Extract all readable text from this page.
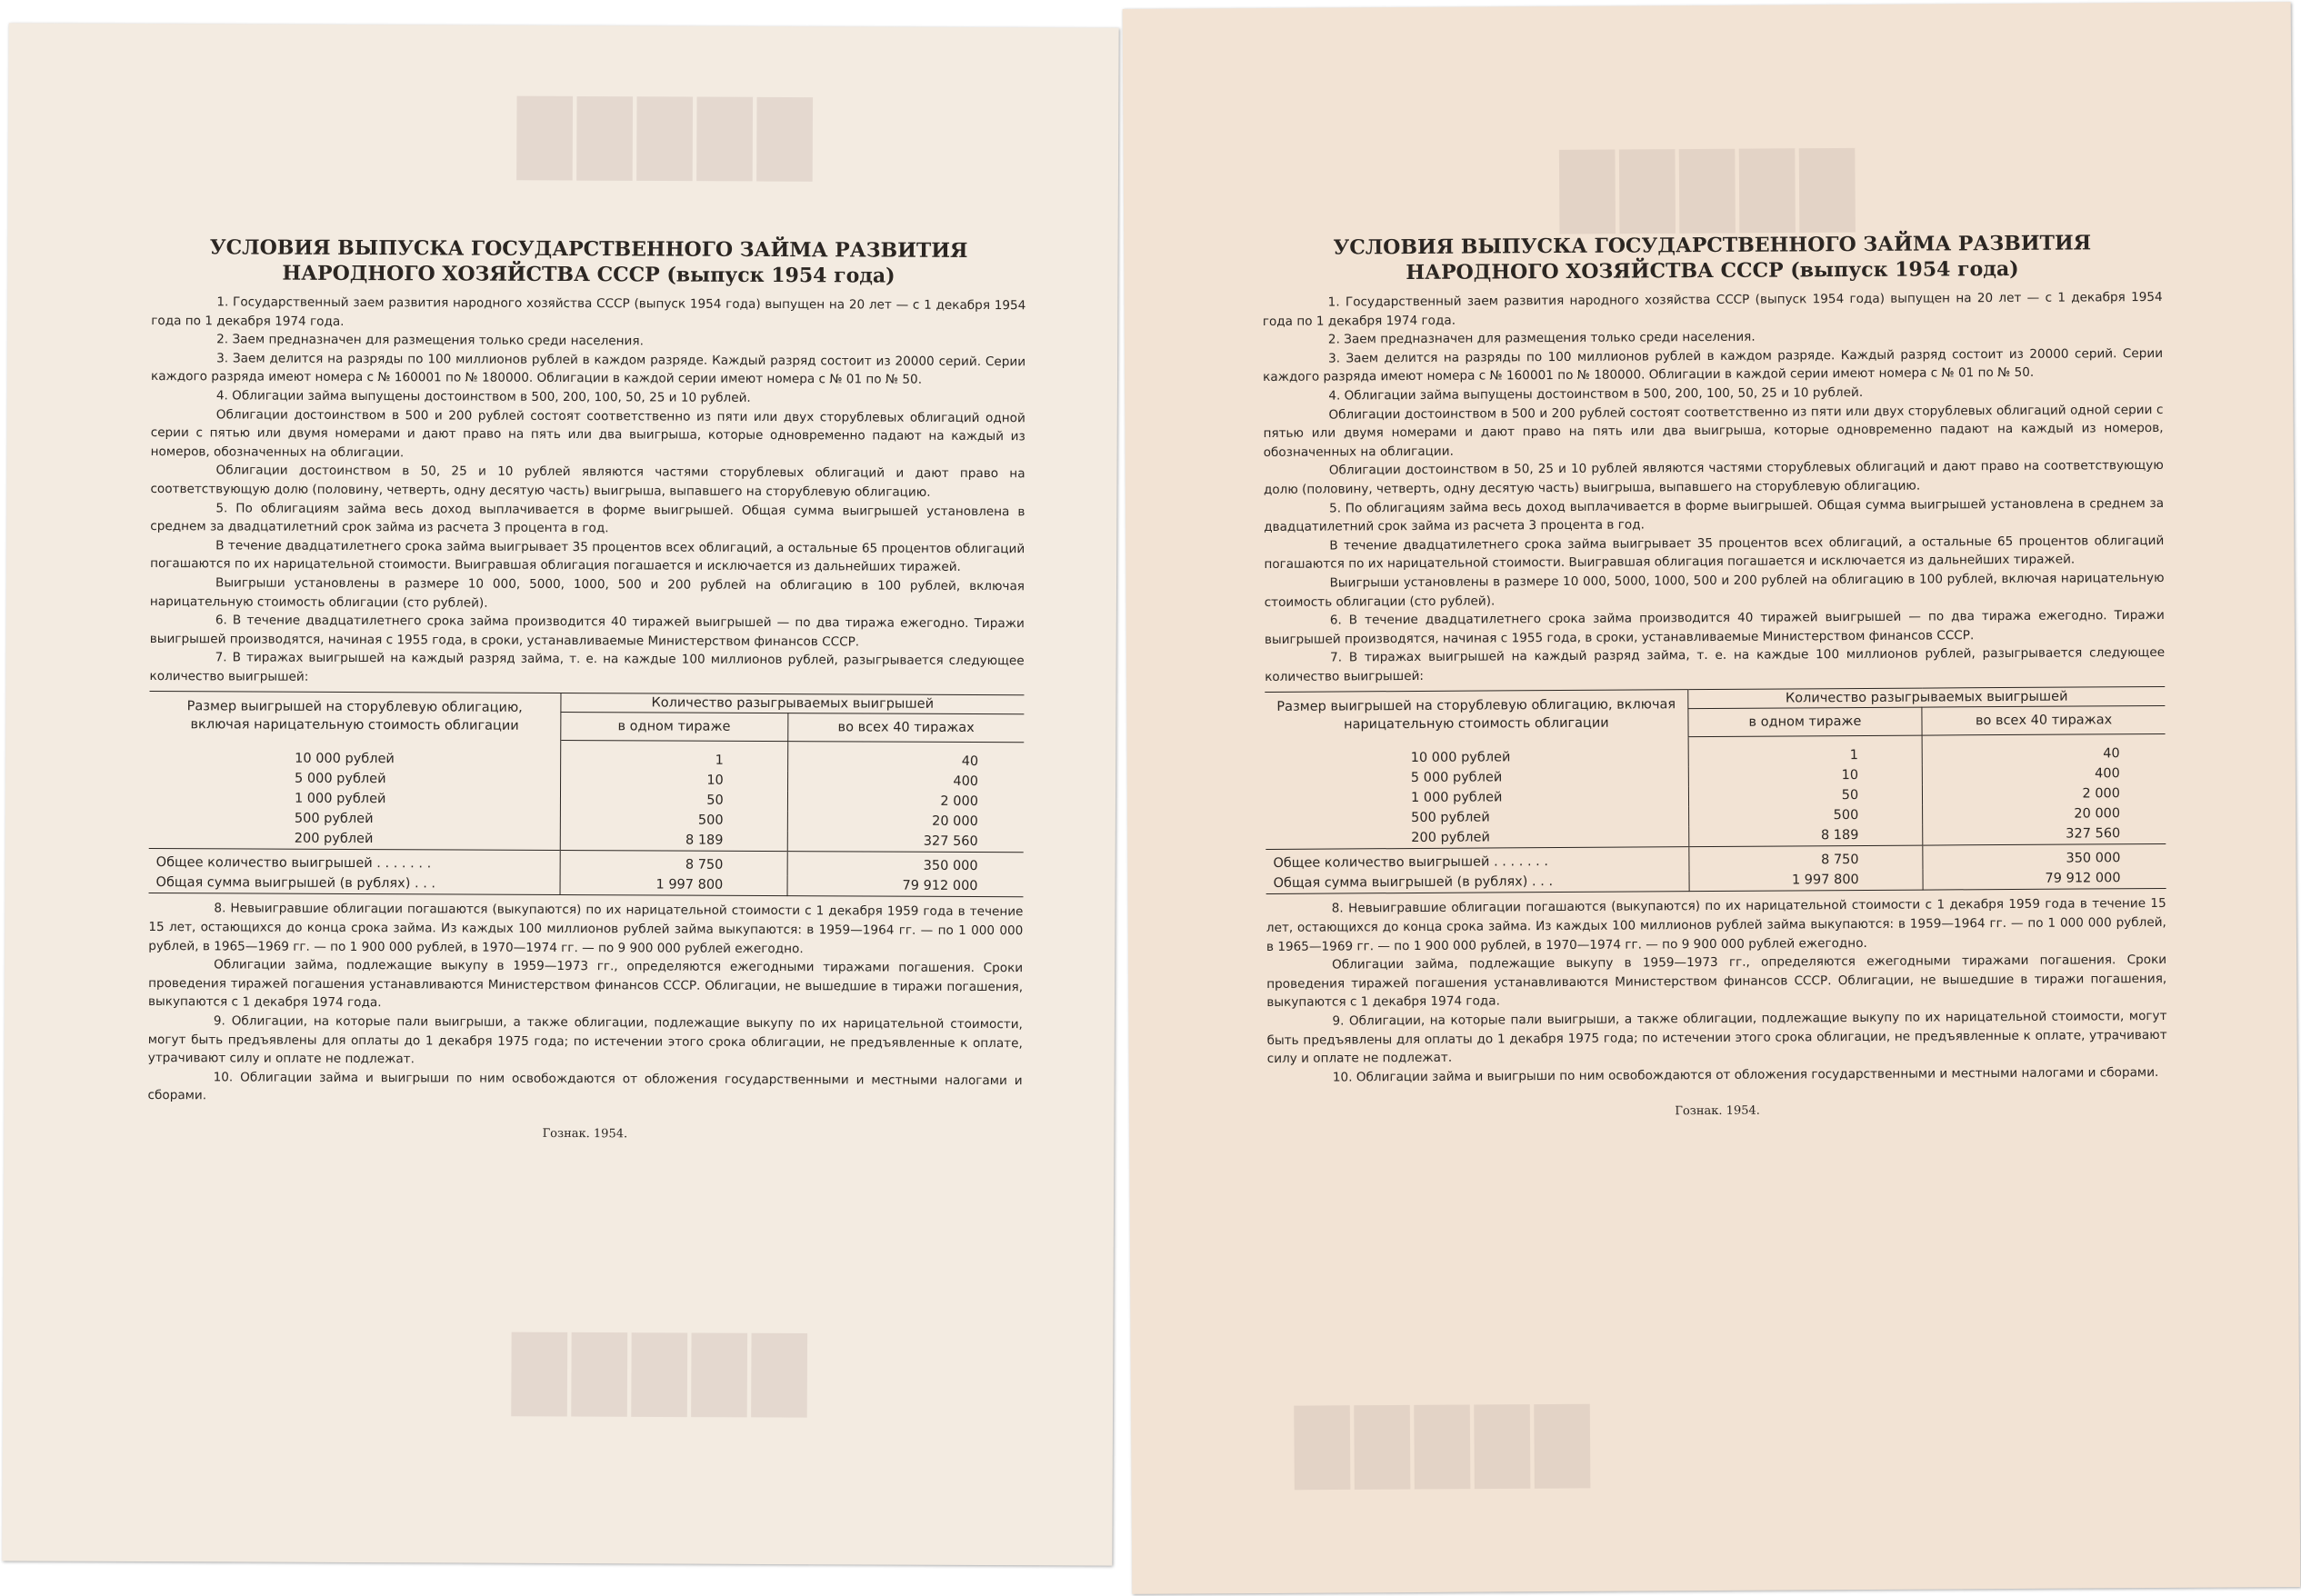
█████
█████
УСЛОВИЯ ВЫПУСКА ГОСУДАРСТВЕННОГО ЗАЙМА РАЗВИТИЯ
НАРОДНОГО ХОЗЯЙСТВА СССР (выпуск 1954 года)

1. Государственный заем развития народного хозяйства СССР (выпуск 1954 года) выпущен на 20 лет — с 1 декабря 1954 года по 1 декабря 1974 года.

2. Заем предназначен для размещения только среди населения.

3. Заем делится на разряды по 100 миллионов рублей в каждом разряде. Каждый разряд состоит из 20000 серий. Серии каждого разряда имеют номера с № 160001 по № 180000. Облигации в каждой серии имеют номера с № 01 по № 50.

4. Облигации займа выпущены достоинством в 500, 200, 100, 50, 25 и 10 рублей.

Облигации достоинством в 500 и 200 рублей состоят соответственно из пяти или двух сторублевых облигаций одной серии с пятью или двумя номерами и дают право на пять или два выигрыша, которые одновременно падают на каждый из номеров, обозначенных на облигации.

Облигации достоинством в 50, 25 и 10 рублей являются частями сторублевых облигаций и дают право на соответствующую долю (половину, четверть, одну десятую часть) выигрыша, выпавшего на сторублевую облигацию.

5. По облигациям займа весь доход выплачивается в форме выигрышей. Общая сумма выигрышей установлена в среднем за двадцатилетний срок займа из расчета 3 процента в год.

В течение двадцатилетнего срока займа выигрывает 35 процентов всех облигаций, а остальные 65 процентов облигаций погашаются по их нарицательной стоимости. Выигравшая облигация погашается и исключается из дальнейших тиражей.

Выигрыши установлены в размере 10 000, 5000, 1000, 500 и 200 рублей на облигацию в 100 рублей, включая нарицательную стоимость облигации (сто рублей).

6. В течение двадцатилетнего срока займа производится 40 тиражей выигрышей — по два тиража ежегодно. Тиражи выигрышей производятся, начиная с 1955 года, в сроки, устанавливаемые Министерством финансов СССР.

7. В тиражах выигрышей на каждый разряд займа, т. е. на каждые 100 миллионов рублей, разыгрывается следующее количество выигрышей:

Размер выигрышей на сторублевую облигацию, включая нарицательную стоимость облигации	Количество разыгрываемых выигрышей	
	в одном тираже	во всех 40 тиражах
10 000 рублей	1	40
5 000 рублей	10	400
1 000 рублей	50	2 000
500 рублей	500	20 000
200 рублей	8 189	327 560
Общее количество выигрышей . . . . . . .	8 750	350 000
Общая сумма выигрышей (в рублях) . . .	1 997 800	79 912 000

8. Невыигравшие облигации погашаются (выкупаются) по их нарицательной стоимости с 1 декабря 1959 года в течение 15 лет, остающихся до конца срока займа. Из каждых 100 миллионов рублей займа выкупаются: в 1959—1964 гг. — по 1 000 000 рублей, в 1965—1969 гг. — по 1 900 000 рублей, в 1970—1974 гг. — по 9 900 000 рублей ежегодно.

Облигации займа, подлежащие выкупу в 1959—1973 гг., определяются ежегодными тиражами погашения. Сроки проведения тиражей погашения устанавливаются Министерством финансов СССР. Облигации, не вышедшие в тиражи погашения, выкупаются с 1 декабря 1974 года.

9. Облигации, на которые пали выигрыши, а также облигации, подлежащие выкупу по их нарицательной стоимости, могут быть предъявлены для оплаты до 1 декабря 1975 года; по истечении этого срока облигации, не предъявленные к оплате, утрачивают силу и оплате не подлежат.

10. Облигации займа и выигрыши по ним освобождаются от обложения государственными и местными налогами и сборами.

Гознак. 1954.
█████
█████
УСЛОВИЯ ВЫПУСКА ГОСУДАРСТВЕННОГО ЗАЙМА РАЗВИТИЯ
НАРОДНОГО ХОЗЯЙСТВА СССР (выпуск 1954 года)

1. Государственный заем развития народного хозяйства СССР (выпуск 1954 года) выпущен на 20 лет — с 1 декабря 1954 года по 1 декабря 1974 года.

2. Заем предназначен для размещения только среди населения.

3. Заем делится на разряды по 100 миллионов рублей в каждом разряде. Каждый разряд состоит из 20000 серий. Серии каждого разряда имеют номера с № 160001 по № 180000. Облигации в каждой серии имеют номера с № 01 по № 50.

4. Облигации займа выпущены достоинством в 500, 200, 100, 50, 25 и 10 рублей.

Облигации достоинством в 500 и 200 рублей состоят соответственно из пяти или двух сторублевых облигаций одной серии с пятью или двумя номерами и дают право на пять или два выигрыша, которые одновременно падают на каждый из номеров, обозначенных на облигации.

Облигации достоинством в 50, 25 и 10 рублей являются частями сторублевых облигаций и дают право на соответствующую долю (половину, четверть, одну десятую часть) выигрыша, выпавшего на сторублевую облигацию.

5. По облигациям займа весь доход выплачивается в форме выигрышей. Общая сумма выигрышей установлена в среднем за двадцатилетний срок займа из расчета 3 процента в год.

В течение двадцатилетнего срока займа выигрывает 35 процентов всех облигаций, а остальные 65 процентов облигаций погашаются по их нарицательной стоимости. Выигравшая облигация погашается и исключается из дальнейших тиражей.

Выигрыши установлены в размере 10 000, 5000, 1000, 500 и 200 рублей на облигацию в 100 рублей, включая нарицательную стоимость облигации (сто рублей).

6. В течение двадцатилетнего срока займа производится 40 тиражей выигрышей — по два тиража ежегодно. Тиражи выигрышей производятся, начиная с 1955 года, в сроки, устанавливаемые Министерством финансов СССР.

7. В тиражах выигрышей на каждый разряд займа, т. е. на каждые 100 миллионов рублей, разыгрывается следующее количество выигрышей:

Размер выигрышей на сторублевую облигацию, включая нарицательную стоимость облигации	Количество разыгрываемых выигрышей	
	в одном тираже	во всех 40 тиражах
10 000 рублей	1	40
5 000 рублей	10	400
1 000 рублей	50	2 000
500 рублей	500	20 000
200 рублей	8 189	327 560
Общее количество выигрышей . . . . . . .	8 750	350 000
Общая сумма выигрышей (в рублях) . . .	1 997 800	79 912 000

8. Невыигравшие облигации погашаются (выкупаются) по их нарицательной стоимости с 1 декабря 1959 года в течение 15 лет, остающихся до конца срока займа. Из каждых 100 миллионов рублей займа выкупаются: в 1959—1964 гг. — по 1 000 000 рублей, в 1965—1969 гг. — по 1 900 000 рублей, в 1970—1974 гг. — по 9 900 000 рублей ежегодно.

Облигации займа, подлежащие выкупу в 1959—1973 гг., определяются ежегодными тиражами погашения. Сроки проведения тиражей погашения устанавливаются Министерством финансов СССР. Облигации, не вышедшие в тиражи погашения, выкупаются с 1 декабря 1974 года.

9. Облигации, на которые пали выигрыши, а также облигации, подлежащие выкупу по их нарицательной стоимости, могут быть предъявлены для оплаты до 1 декабря 1975 года; по истечении этого срока облигации, не предъявленные к оплате, утрачивают силу и оплате не подлежат.

10. Облигации займа и выигрыши по ним освобождаются от обложения государственными и местными налогами и сборами.

Гознак. 1954.
